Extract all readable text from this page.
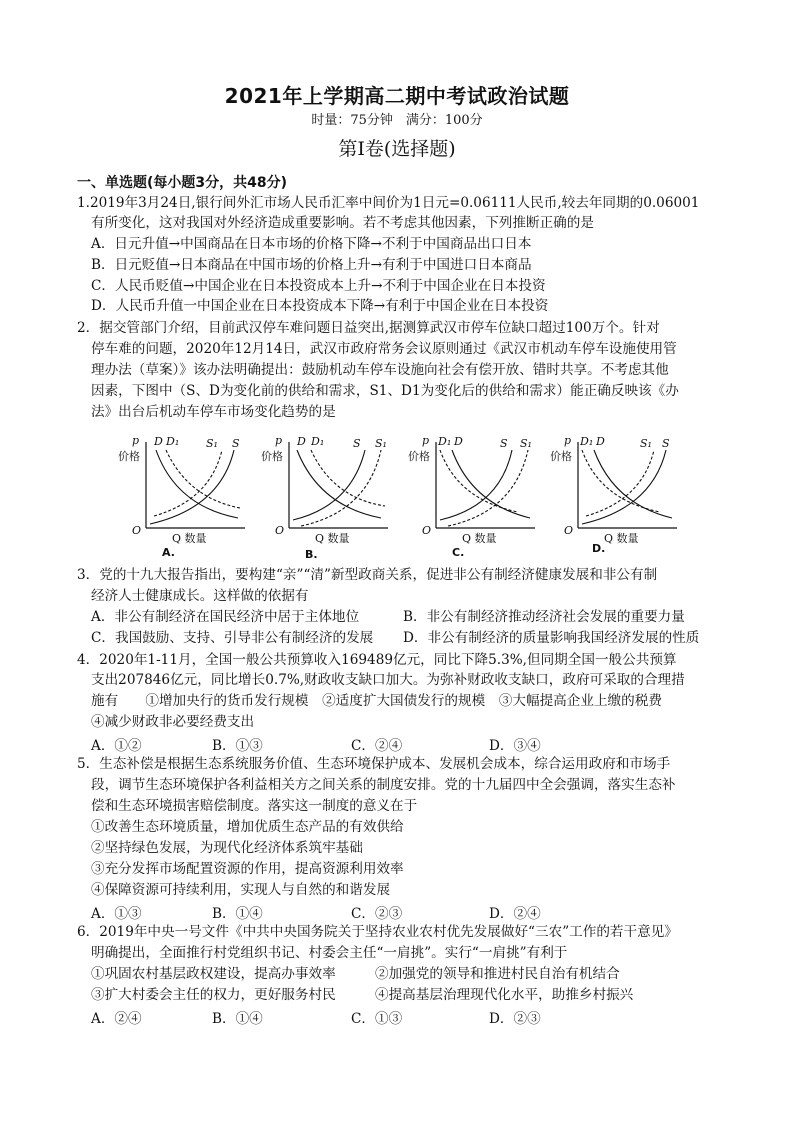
2021年上学期高二期中考试政治试题
时量：75分钟　满分：100分
第Ⅰ卷(选择题)
一、单选题(每小题3分，共48分)
1.2019年3月24日,银行间外汇市场人民币汇率中间价为1日元=0.06111人民币,较去年同期的0.06001
有所变化，这对我国对外经济造成重要影响。若不考虑其他因素，下列推断正确的是
A．日元升值→中国商品在日本市场的价格下降→不利于中国商品出口日本
B．日元贬值→日本商品在中国市场的价格上升→有利于中国进口日本商品
C．人民币贬值→中国企业在日本投资成本上升→不利于中国企业在日本投资
D．人民币升值一中国企业在日本投资成本下降→有利于中国企业在日本投资
2．据交管部门介绍，目前武汉停车难问题日益突出,据测算武汉市停车位缺口超过100万个。针对
停车难的问题，2020年12月14日，武汉市政府常务会议原则通过《武汉市机动车停车设施使用管
理办法（草案）》该办法明确提出：鼓励机动车停车设施向社会有偿开放、错时共享。不考虑其他
因素，下图中（S、D为变化前的供给和需求，S1、D1为变化后的供给和需求）能正确反映该《办
法》出台后机动车停车市场变化趋势的是
D D₁ S₁ S
p
价格
O
Q 数量
A.
D D₁	S S₁
p
价格
O
Q 数量
B.
D₁ D	S S₁
p
价格
O
Q 数量
C.
D₁ D	S₁ S
p
价格
O
Q 数量
D.
3．党的十九大报告指出，要构建“亲”“清”新型政商关系，促进非公有制经济健康发展和非公有制
经济人士健康成长。这样做的依据有
A．非公有制经济在国民经济中居于主体地位	B．非公有制经济推动经济社会发展的重要力量
C．我国鼓励、支持、引导非公有制经济的发展 D．非公有制经济的质量影响我国经济发展的性质
4．2020年1-11月，全国一般公共预算收入169489亿元，同比下降5.3%,但同期全国一般公共预算
支出207846亿元，同比增长0.7%,财政收支缺口加大。为弥补财政收支缺口，政府可采取的合理措
施有　　①增加央行的货币发行规模　②适度扩大国债发行的规模　③大幅提高企业上缴的税费
④减少财政非必要经费支出
A．①②	B．①③	C．②④	D．③④
5．生态补偿是根据生态系统服务价值、生态环境保护成本、发展机会成本，综合运用政府和市场手
段，调节生态环境保护各利益相关方之间关系的制度安排。党的十九届四中全会强调，落实生态补
偿和生态环境损害赔偿制度。落实这一制度的意义在于
①改善生态环境质量，增加优质生态产品的有效供给
②坚持绿色发展，为现代化经济体系筑牢基础
③充分发挥市场配置资源的作用，提高资源利用效率
④保障资源可持续利用，实现人与自然的和谐发展
A．①③	B．①④	C．②③	D．②④
6．2019年中央一号文件《中共中央国务院关于坚持农业农村优先发展做好“三农”工作的若干意见》
明确提出，全面推行村党组织书记、村委会主任“一肩挑”。实行“一肩挑”有利于
①巩固农村基层政权建设，提高办事效率	②加强党的领导和推进村民自治有机结合
③扩大村委会主任的权力，更好服务村民	④提高基层治理现代化水平，助推乡村振兴
A．②④	B．①④	C．①③	D．②③
